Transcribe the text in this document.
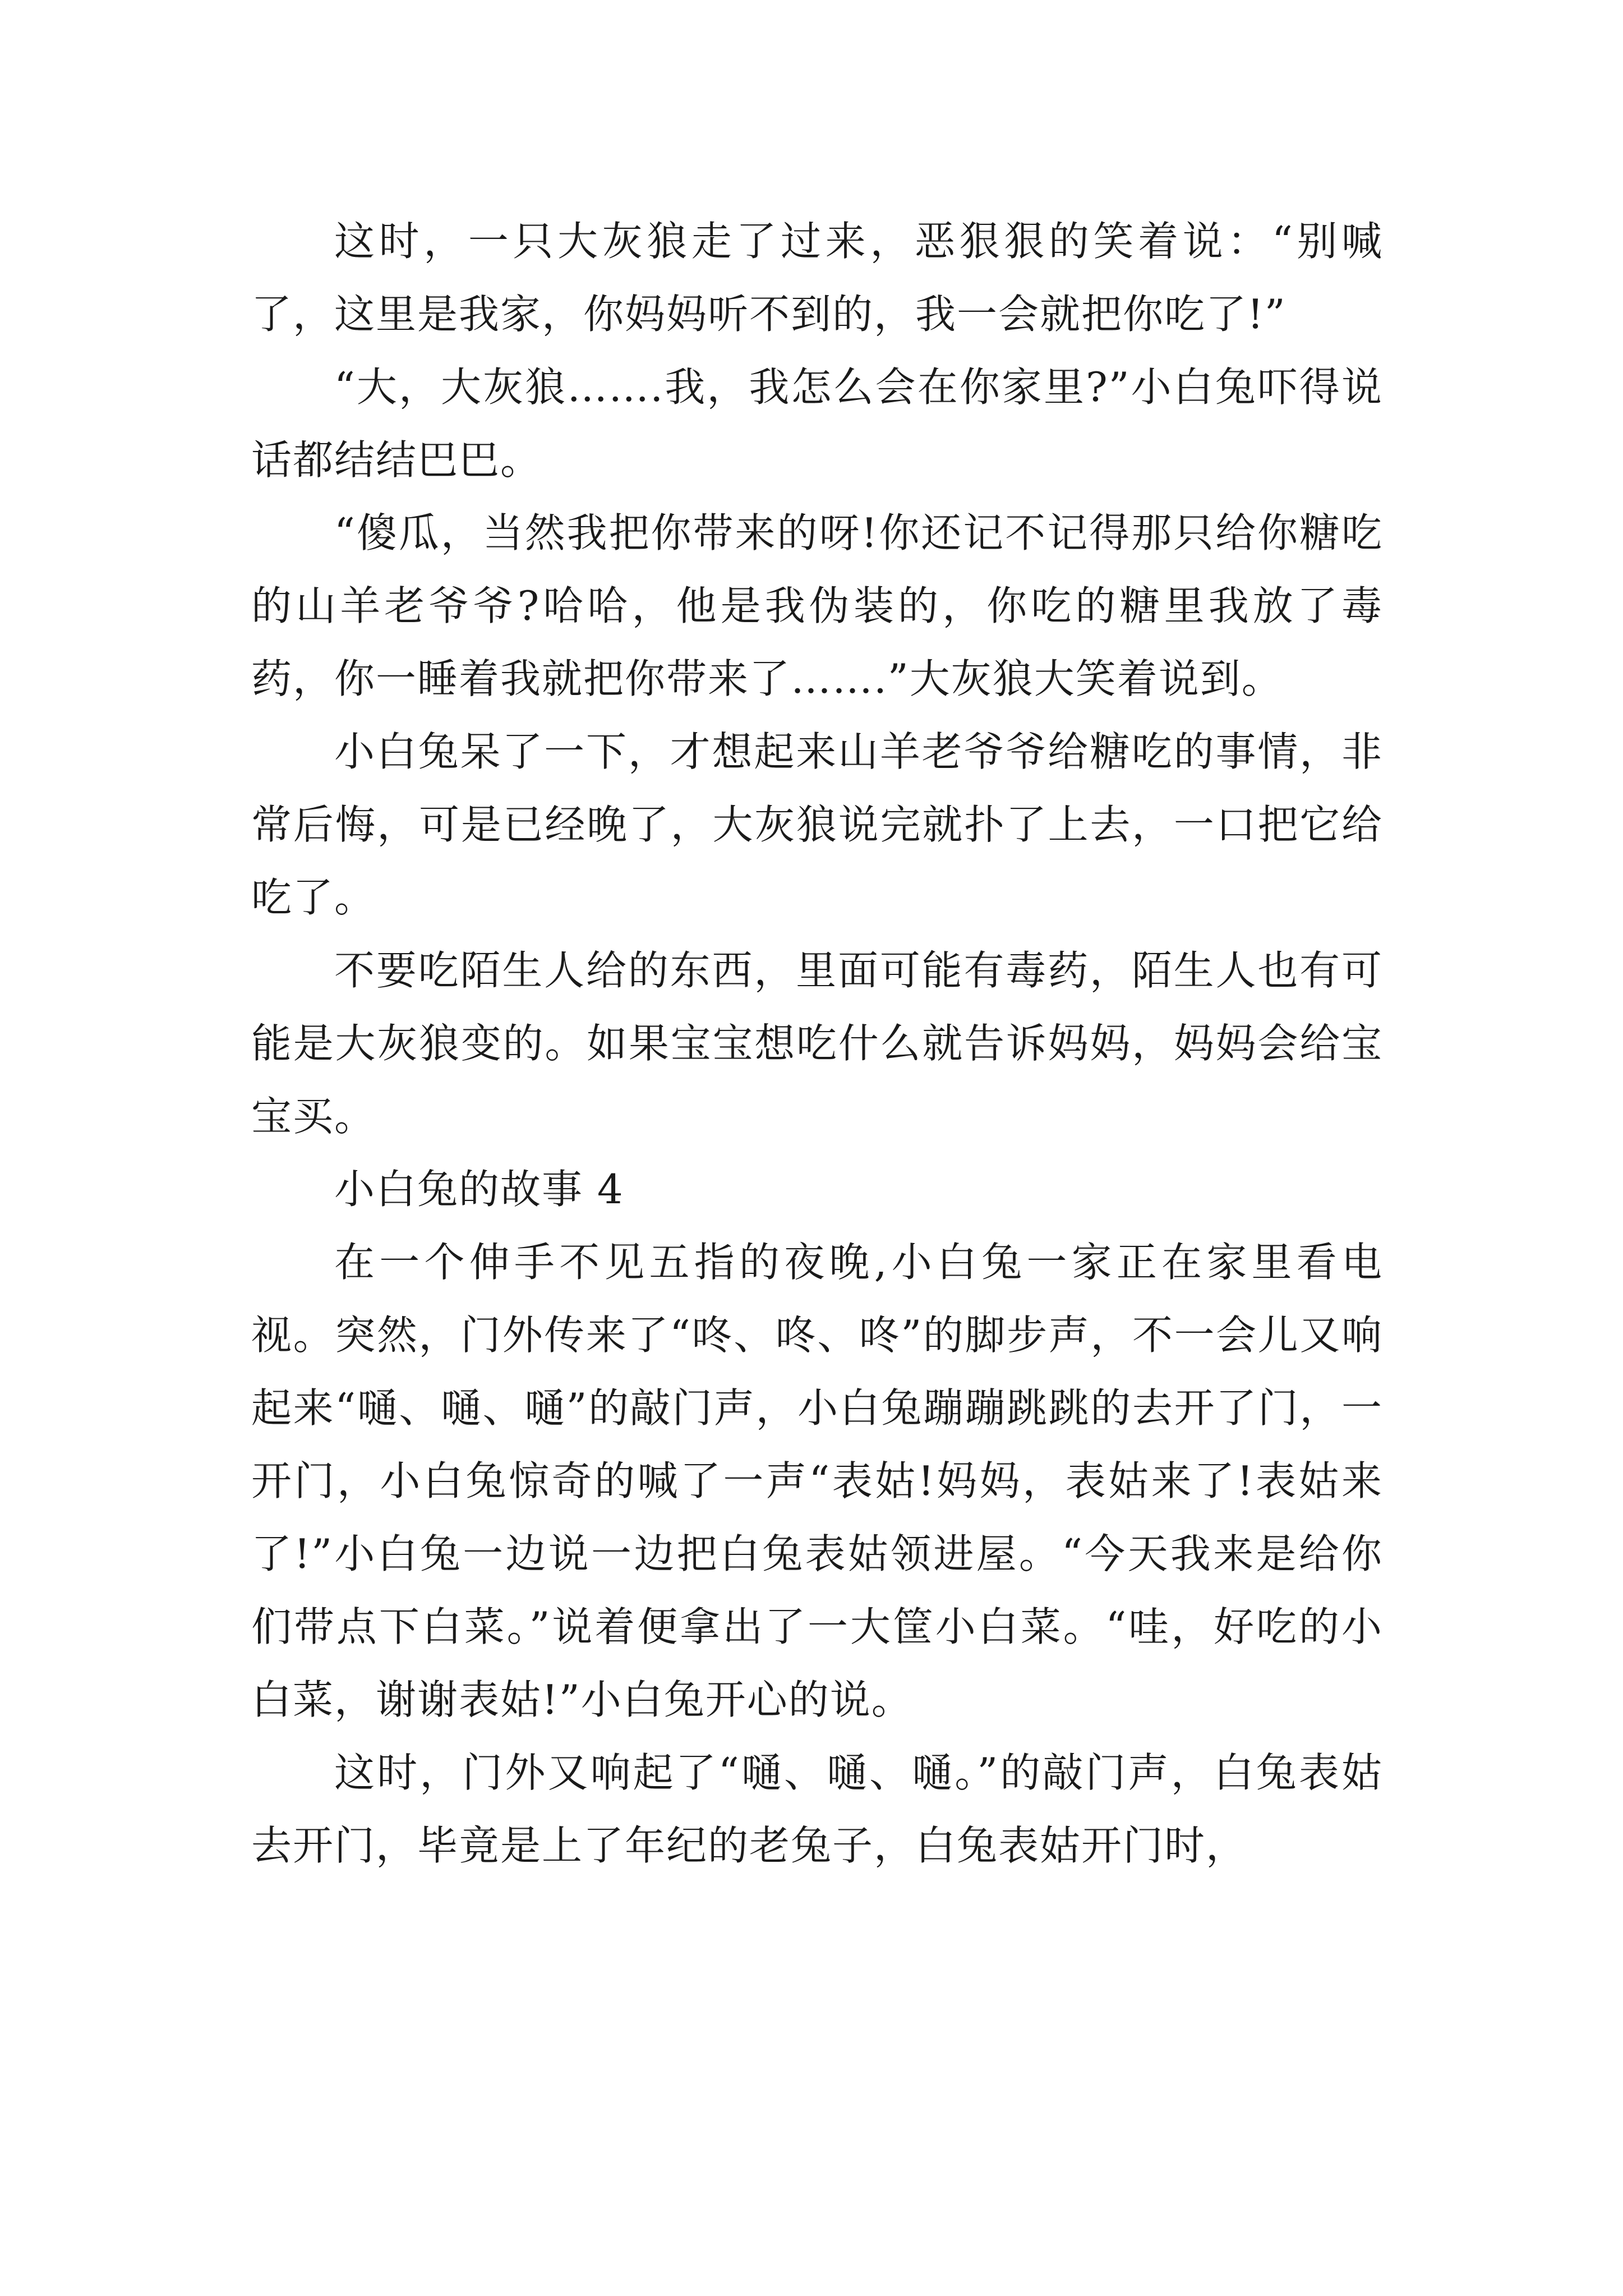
这时，一只大灰狼走了过来，恶狠狠的笑着说：“别喊了，这里是我家，你妈妈听不到的，我一会就把你吃了!”

“大，大灰狼…….我，我怎么会在你家里?”小白兔吓得说话都结结巴巴。

“傻瓜，当然我把你带来的呀!你还记不记得那只给你糖吃的山羊老爷爷?哈哈，他是我伪装的，你吃的糖里我放了毒药，你一睡着我就把你带来了…….”大灰狼大笑着说到。

小白兔呆了一下，才想起来山羊老爷爷给糖吃的事情，非常后悔，可是已经晚了，大灰狼说完就扑了上去，一口把它给吃了。

不要吃陌生人给的东西，里面可能有毒药，陌生人也有可能是大灰狼变的。如果宝宝想吃什么就告诉妈妈，妈妈会给宝宝买。

小白兔的故事 4

在一个伸手不见五指的夜晚,小白兔一家正在家里看电视。突然，门外传来了“咚、咚、咚”的脚步声，不一会儿又响起来“嗵、嗵、嗵”的敲门声，小白兔蹦蹦跳跳的去开了门，一开门，小白兔惊奇的喊了一声“表姑!妈妈，表姑来了!表姑来了!”小白兔一边说一边把白兔表姑领进屋。“今天我来是给你们带点下白菜。”说着便拿出了一大筐小白菜。“哇，好吃的小白菜，谢谢表姑!”小白兔开心的说。

这时，门外又响起了“嗵、嗵、嗵。”的敲门声，白兔表姑去开门，毕竟是上了年纪的老兔子，白兔表姑开门时，
